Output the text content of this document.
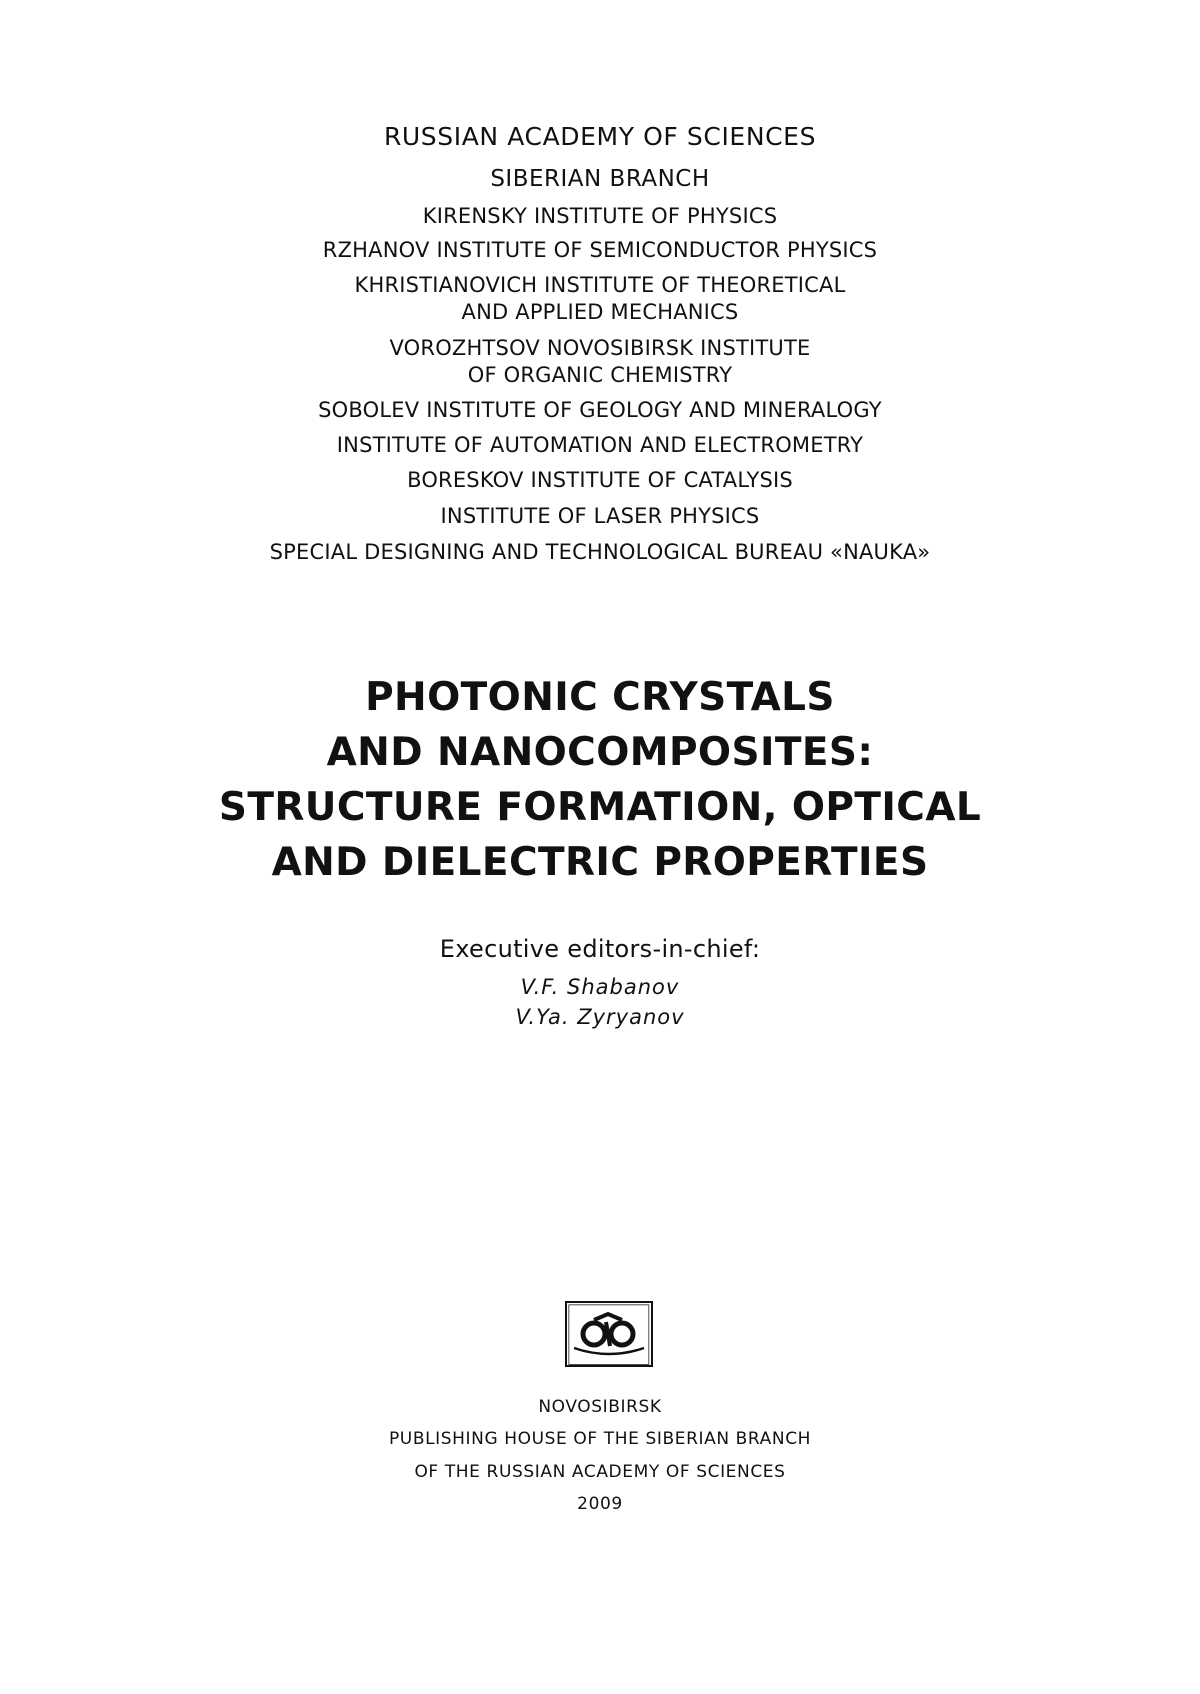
RUSSIAN ACADEMY OF SCIENCES
SIBERIAN BRANCH
KIRENSKY INSTITUTE OF PHYSICS
RZHANOV INSTITUTE OF SEMICONDUCTOR PHYSICS
KHRISTIANOVICH INSTITUTE OF THEORETICAL
AND APPLIED MECHANICS
VOROZHTSOV NOVOSIBIRSK INSTITUTE
OF ORGANIC CHEMISTRY
SOBOLEV INSTITUTE OF GEOLOGY AND MINERALOGY
INSTITUTE OF AUTOMATION AND ELECTROMETRY
BORESKOV INSTITUTE OF CATALYSIS
INSTITUTE OF LASER PHYSICS
SPECIAL DESIGNING AND TECHNOLOGICAL BUREAU «NAUKA»
PHOTONIC CRYSTALS
AND NANOCOMPOSITES:
STRUCTURE FORMATION, OPTICAL
AND DIELECTRIC PROPERTIES
Executive editors-in-chief:
V.F. Shabanov
V.Ya. Zyryanov
NOVOSIBIRSK
PUBLISHING HOUSE OF THE SIBERIAN BRANCH
OF THE RUSSIAN ACADEMY OF SCIENCES
2009
